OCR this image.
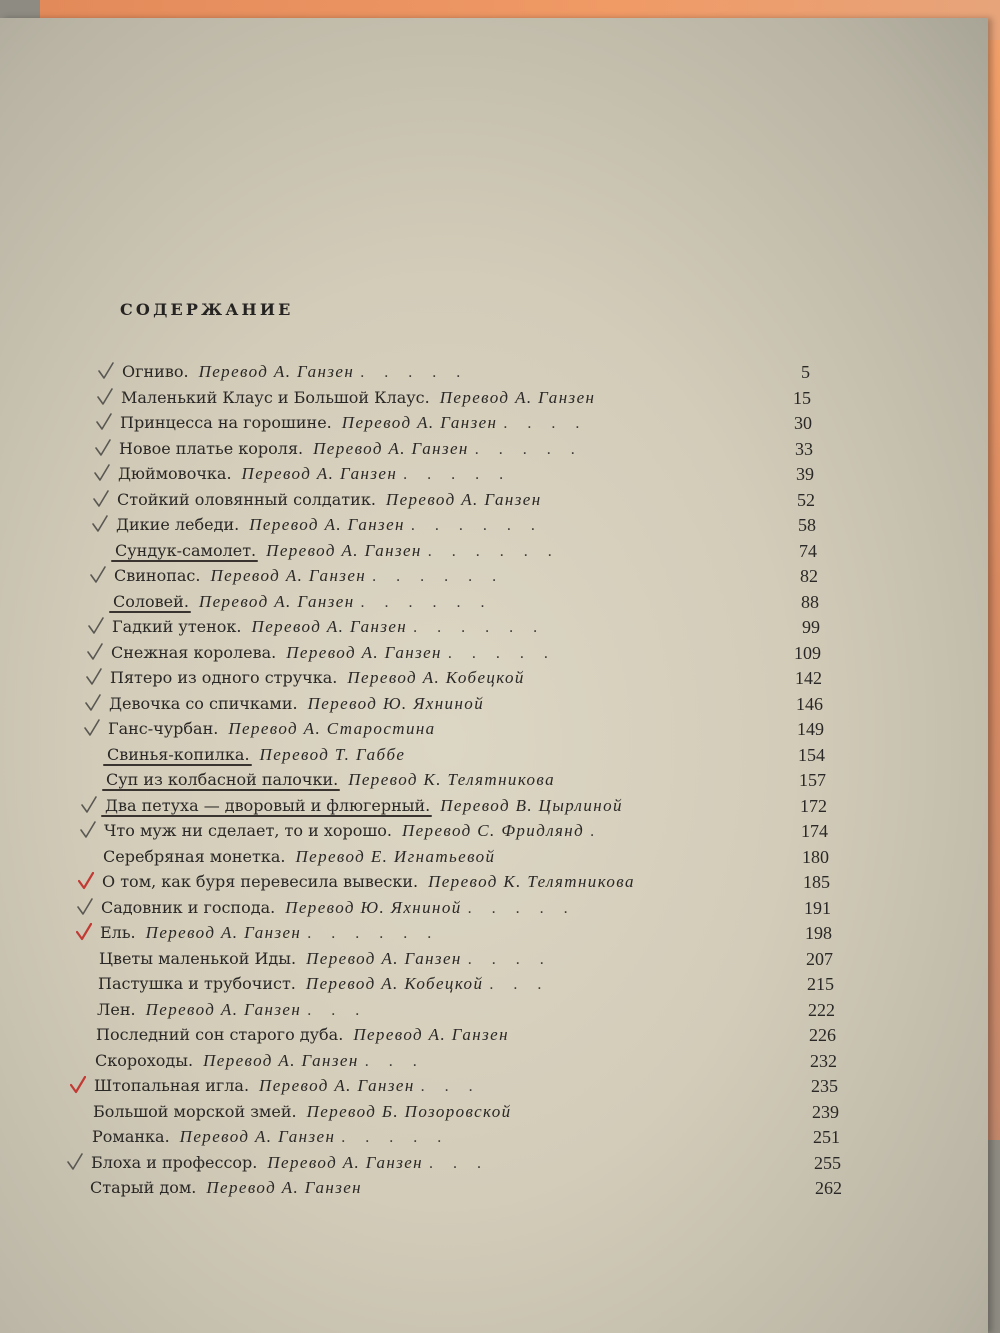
СОДЕРЖАНИЕ
Огниво. Перевод А. Ганзен .....	5
Маленький Клаус и Большой Клаус. Перевод А. Ганзен	15
Принцесса на горошине. Перевод А. Ганзен ....	30
Новое платье короля. Перевод А. Ганзен .....	33
Дюймовочка. Перевод А. Ганзен .....	39
Стойкий оловянный солдатик. Перевод А. Ганзен	52
Дикие лебеди. Перевод А. Ганзен ......	58
Сундук-самолет. Перевод А. Ганзен ......	74
Свинопас. Перевод А. Ганзен ......	82
Соловей. Перевод А. Ганзен ......	88
Гадкий утенок. Перевод А. Ганзен ......	99
Снежная королева. Перевод А. Ганзен .....	109
Пятеро из одного стручка. Перевод А. Кобецкой	142
Девочка со спичками. Перевод Ю. Яхниной	146
Ганс-чурбан. Перевод А. Старостина	149
Свинья-копилка. Перевод Т. Габбе	154
Суп из колбасной палочки. Перевод К. Телятникова	157
Два петуха — дворовый и флюгерный. Перевод В. Цырлиной	172
Что муж ни сделает, то и хорошо. Перевод С. Фридлянд .	174
Серебряная монетка. Перевод Е. Игнатьевой	180
О том, как буря перевесила вывески. Перевод К. Телятникова	185
Садовник и господа. Перевод Ю. Яхниной .....	191
Ель. Перевод А. Ганзен ......	198
Цветы маленькой Иды. Перевод А. Ганзен ....	207
Пастушка и трубочист. Перевод А. Кобецкой ...	215
Лен. Перевод А. Ганзен ...	222
Последний сон старого дуба. Перевод А. Ганзен	226
Скороходы. Перевод А. Ганзен ...	232
Штопальная игла. Перевод А. Ганзен ...	235
Большой морской змей. Перевод Б. Позоровской	239
Романка. Перевод А. Ганзен .....	251
Блоха и профессор. Перевод А. Ганзен ...	255
Старый дом. Перевод А. Ганзен	262
